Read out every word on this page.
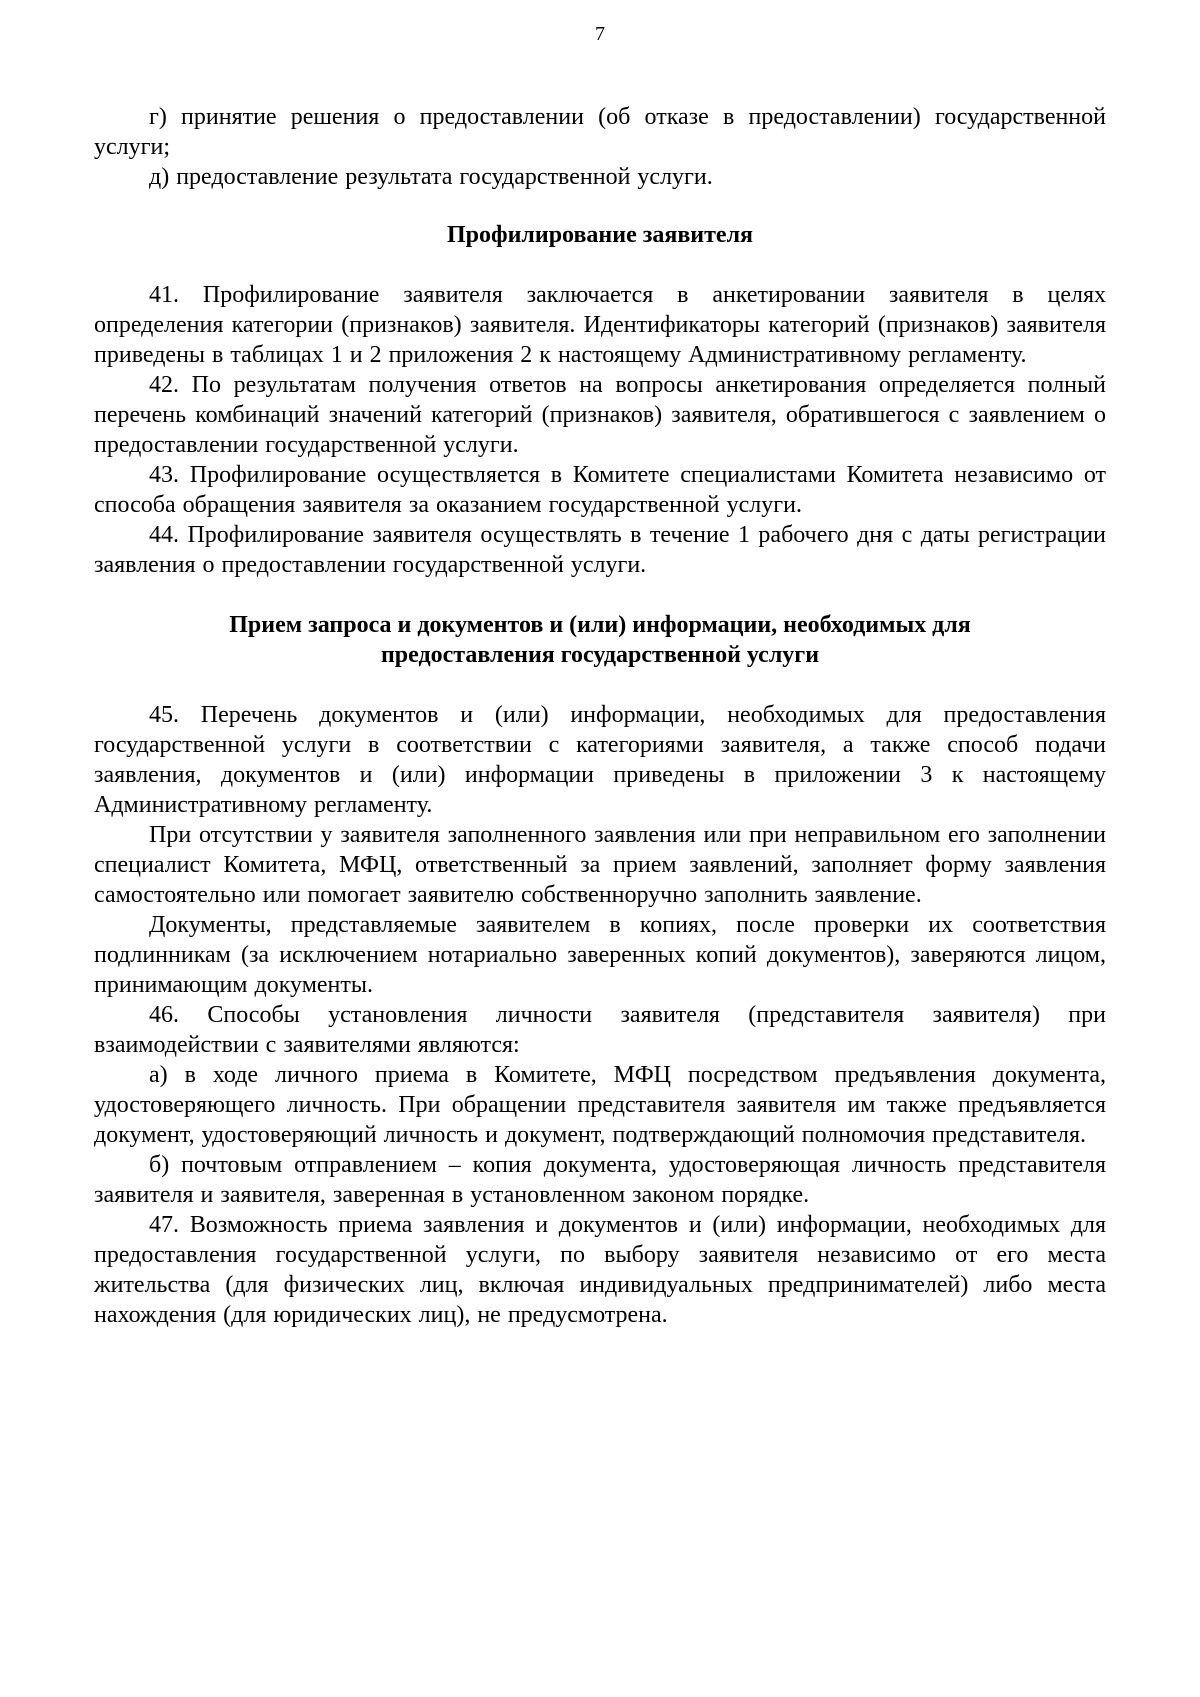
7

г) принятие решения о предоставлении (об отказе в предоставлении) государственной услуги;

д) предоставление результата государственной услуги.

Профилирование заявителя

41. Профилирование заявителя заключается в анкетировании заявителя в целях определения категории (признаков) заявителя. Идентификаторы категорий (признаков) заявителя приведены в таблицах 1 и 2 приложения 2 к настоящему Административному регламенту.

42. По результатам получения ответов на вопросы анкетирования определяется полный перечень комбинаций значений категорий (признаков) заявителя, обратившегося с заявлением о предоставлении государственной услуги.

43. Профилирование осуществляется в Комитете специалистами Комитета независимо от способа обращения заявителя за оказанием государственной услуги.

44. Профилирование заявителя осуществлять в течение 1 рабочего дня с даты регистрации заявления о предоставлении государственной услуги.

Прием запроса и документов и (или) информации, необходимых для
предоставления государственной услуги

45. Перечень документов и (или) информации, необходимых для предоставления государственной услуги в соответствии с категориями заявителя, а также способ подачи заявления, документов и (или) информации приведены в приложении 3 к настоящему Административному регламенту.

При отсутствии у заявителя заполненного заявления или при неправильном его заполнении специалист Комитета, МФЦ, ответственный за прием заявлений, заполняет форму заявления самостоятельно или помогает заявителю собственноручно заполнить заявление.

Документы, представляемые заявителем в копиях, после проверки их соответствия подлинникам (за исключением нотариально заверенных копий документов), заверяются лицом, принимающим документы.

46. Способы установления личности заявителя (представителя заявителя) при взаимодействии с заявителями являются:

а) в ходе личного приема в Комитете, МФЦ посредством предъявления документа, удостоверяющего личность. При обращении представителя заявителя им также предъявляется документ, удостоверяющий личность и документ, подтверждающий полномочия представителя.

б) почтовым отправлением – копия документа, удостоверяющая личность представителя заявителя и заявителя, заверенная в установленном законом порядке.

47. Возможность приема заявления и документов и (или) информации, необходимых для предоставления государственной услуги, по выбору заявителя независимо от его места жительства (для физических лиц, включая индивидуальных предпринимателей) либо места нахождения (для юридических лиц), не предусмотрена.
